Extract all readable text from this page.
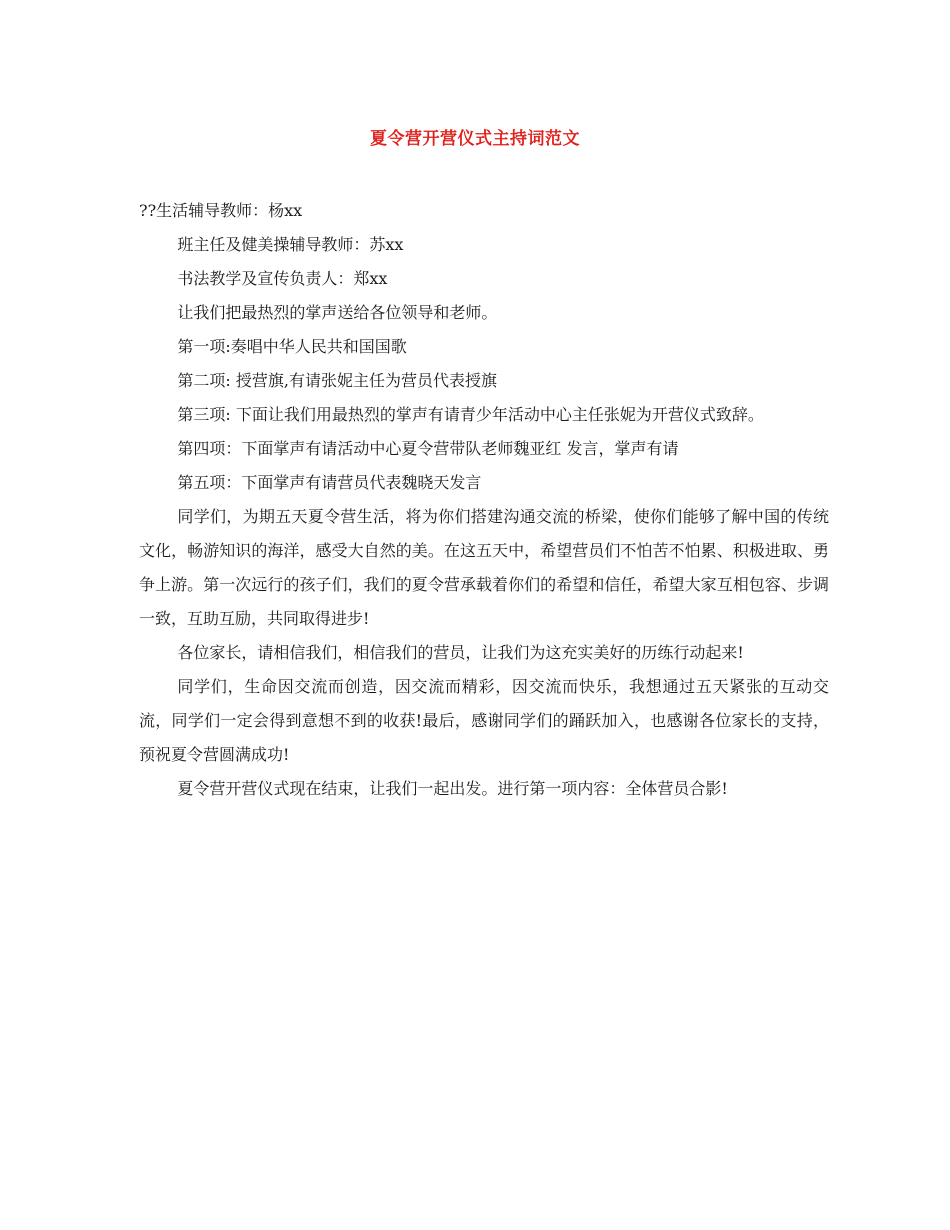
夏令营开营仪式主持词范文

??生活辅导教师：杨xx

班主任及健美操辅导教师：苏xx

书法教学及宣传负责人：郑xx

让我们把最热烈的掌声送给各位领导和老师。

第一项:奏唱中华人民共和国国歌

第二项: 授营旗,有请张妮主任为营员代表授旗

第三项: 下面让我们用最热烈的掌声有请青少年活动中心主任张妮为开营仪式致辞。

第四项：下面掌声有请活动中心夏令营带队老师魏亚红 发言，掌声有请

第五项：下面掌声有请营员代表魏晓天发言

同学们，为期五天夏令营生活，将为你们搭建沟通交流的桥梁，使你们能够了解中国的传统文化，畅游知识的海洋，感受大自然的美。在这五天中，希望营员们不怕苦不怕累、积极进取、勇争上游。第一次远行的孩子们，我们的夏令营承载着你们的希望和信任，希望大家互相包容、步调一致，互助互励，共同取得进步!

各位家长，请相信我们，相信我们的营员，让我们为这充实美好的历练行动起来!

同学们，生命因交流而创造，因交流而精彩，因交流而快乐，我想通过五天紧张的互动交流，同学们一定会得到意想不到的收获!最后，感谢同学们的踊跃加入，也感谢各位家长的支持，预祝夏令营圆满成功!

夏令营开营仪式现在结束，让我们一起出发。进行第一项内容：全体营员合影!
